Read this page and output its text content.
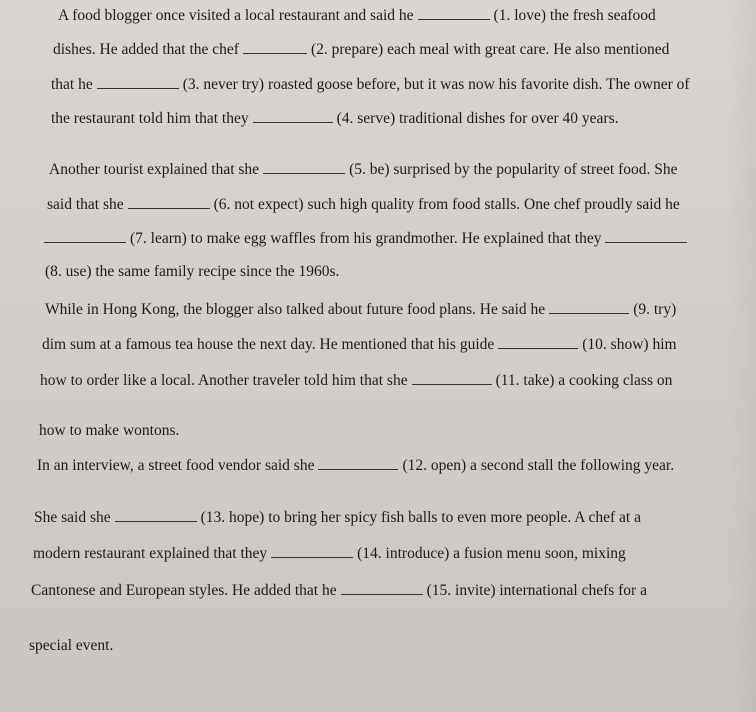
A food blogger once visited a local restaurant and said he	(1. love) the fresh seafood
dishes. He added that the chef	(2. prepare) each meal with great care. He also mentioned
that he	(3. never try) roasted goose before, but it was now his favorite dish. The owner of
the restaurant told him that they	(4. serve) traditional dishes for over 40 years.
Another tourist explained that she	(5. be) surprised by the popularity of street food. She
said that she	(6. not expect) such high quality from food stalls. One chef proudly said he
(7. learn) to make egg waffles from his grandmother. He explained that they
(8. use) the same family recipe since the 1960s.
While in Hong Kong, the blogger also talked about future food plans. He said he	(9. try)
dim sum at a famous tea house the next day. He mentioned that his guide	(10. show) him
how to order like a local. Another traveler told him that she	(11. take) a cooking class on
how to make wontons.
In an interview, a street food vendor said she	(12. open) a second stall the following year.
She said she	(13. hope) to bring her spicy fish balls to even more people. A chef at a
modern restaurant explained that they	(14. introduce) a fusion menu soon, mixing
Cantonese and European styles. He added that he	(15. invite) international chefs for a
special event.
